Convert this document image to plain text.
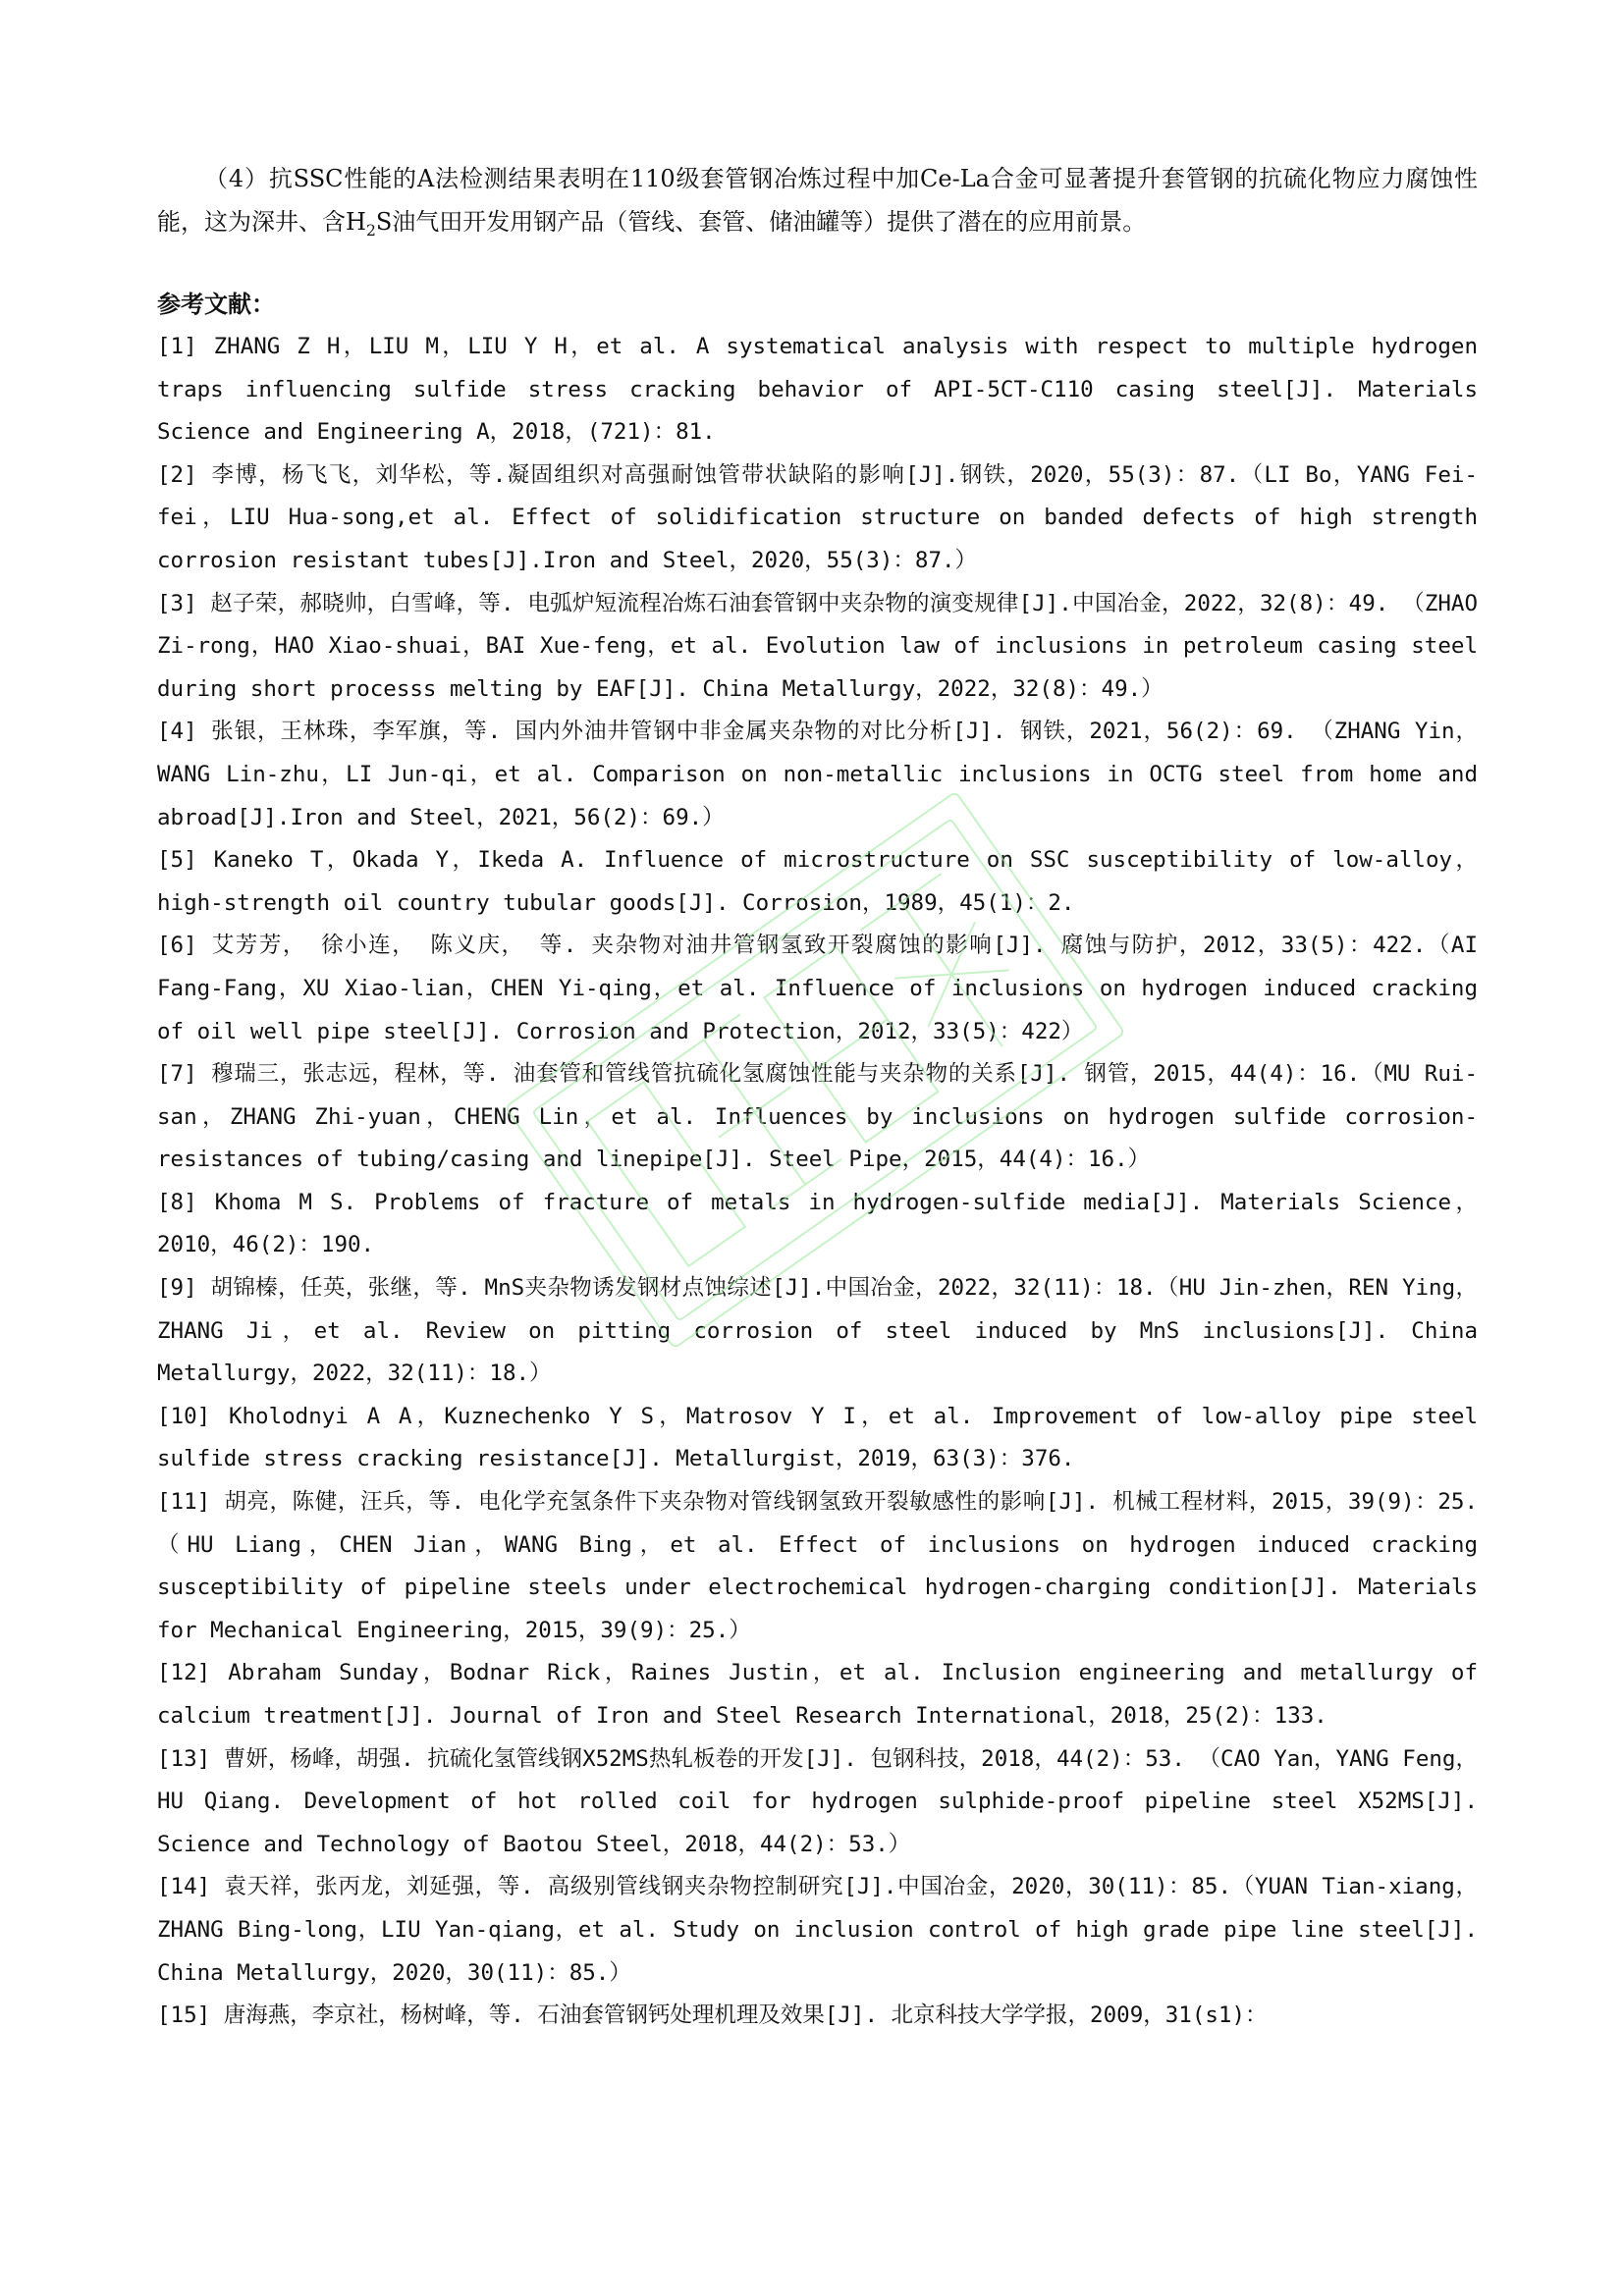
（4）抗SSC性能的A法检测结果表明在110级套管钢冶炼过程中加Ce-La合金可显著提升套管钢的抗硫化物应力腐蚀性能，这为深井、含$H_2S$油气田开发用钢产品（管线、套管、储油罐等）提供了潜在的应用前景。

参考文献：
[1] ZHANG Z H，LIU M，LIU Y H，et al. A systematical analysis with respect to multiple hydrogen traps influencing sulfide stress cracking behavior of API-5CT-C110 casing steel[J]. Materials Science and Engineering A，2018，(721)：81.
[2] 李博，杨飞飞，刘华松，等.凝固组织对高强耐蚀管带状缺陷的影响[J].钢铁，2020，55(3)：87.（LI Bo，YANG Fei-fei，LIU Hua-song,et al. Effect of solidification structure on banded defects of high strength corrosion resistant tubes[J].Iron and Steel，2020，55(3)：87.）
[3] 赵子荣，郝晓帅，白雪峰，等. 电弧炉短流程冶炼石油套管钢中夹杂物的演变规律[J].中国冶金，2022，32(8)：49. （ZHAO Zi-rong，HAO Xiao-shuai，BAI Xue-feng，et al. Evolution law of inclusions in petroleum casing steel during short processs melting by EAF[J]. China Metallurgy，2022，32(8)：49.）
[4] 张银，王林珠，李军旗，等. 国内外油井管钢中非金属夹杂物的对比分析[J]. 钢铁，2021，56(2)：69. （ZHANG Yin，WANG Lin-zhu，LI Jun-qi，et al. Comparison on non-metallic inclusions in OCTG steel from home and abroad[J].Iron and Steel，2021，56(2)：69.）
[5] Kaneko T，Okada Y，Ikeda A. Influence of microstructure on SSC susceptibility of low-alloy，high-strength oil country tubular goods[J]. Corrosion，1989，45(1)：2.
[6] 艾芳芳， 徐小连， 陈义庆， 等. 夹杂物对油井管钢氢致开裂腐蚀的影响[J]. 腐蚀与防护，2012，33(5)：422.（AI Fang-Fang，XU Xiao-lian，CHEN Yi-qing，et al. Influence of inclusions on hydrogen induced cracking of oil well pipe steel[J]. Corrosion and Protection，2012，33(5)：422）
[7] 穆瑞三，张志远，程林，等. 油套管和管线管抗硫化氢腐蚀性能与夹杂物的关系[J]. 钢管，2015，44(4)：16.（MU Rui-san，ZHANG Zhi-yuan，CHENG Lin，et al. Influences by inclusions on hydrogen sulfide corrosion-resistances of tubing/casing and linepipe[J]. Steel Pipe，2015，44(4)：16.）
[8] Khoma M S. Problems of fracture of metals in hydrogen-sulfide media[J]. Materials Science，2010，46(2)：190.
[9] 胡锦榛，任英，张继，等. MnS夹杂物诱发钢材点蚀综述[J].中国冶金，2022，32(11)：18.（HU Jin-zhen，REN Ying，ZHANG Ji，et al. Review on pitting corrosion of steel induced by MnS inclusions[J]. China Metallurgy，2022，32(11)：18.）
[10] Kholodnyi A A，Kuznechenko Y S，Matrosov Y I，et al. Improvement of low-alloy pipe steel sulfide stress cracking resistance[J]. Metallurgist，2019，63(3)：376.
[11] 胡亮，陈健，汪兵，等. 电化学充氢条件下夹杂物对管线钢氢致开裂敏感性的影响[J]. 机械工程材料，2015，39(9)：25.（HU Liang，CHEN Jian，WANG Bing，et al. Effect of inclusions on hydrogen induced cracking susceptibility of pipeline steels under electrochemical hydrogen-charging condition[J]. Materials for Mechanical Engineering，2015，39(9)：25.）
[12] Abraham Sunday，Bodnar Rick，Raines Justin，et al. Inclusion engineering and metallurgy of calcium treatment[J]. Journal of Iron and Steel Research International，2018，25(2)：133.
[13] 曹妍，杨峰，胡强. 抗硫化氢管线钢X52MS热轧板卷的开发[J]. 包钢科技，2018，44(2)：53. （CAO Yan，YANG Feng，HU Qiang. Development of hot rolled coil for hydrogen sulphide-proof pipeline steel X52MS[J]. Science and Technology of Baotou Steel，2018，44(2)：53.）
[14] 袁天祥，张丙龙，刘延强，等. 高级别管线钢夹杂物控制研究[J].中国冶金，2020，30(11)：85.（YUAN Tian-xiang，ZHANG Bing-long，LIU Yan-qiang，et al. Study on inclusion control of high grade pipe line steel[J]. China Metallurgy，2020，30(11)：85.）
[15] 唐海燕，李京社，杨树峰，等. 石油套管钢钙处理机理及效果[J]. 北京科技大学学报，2009，31(s1)：
